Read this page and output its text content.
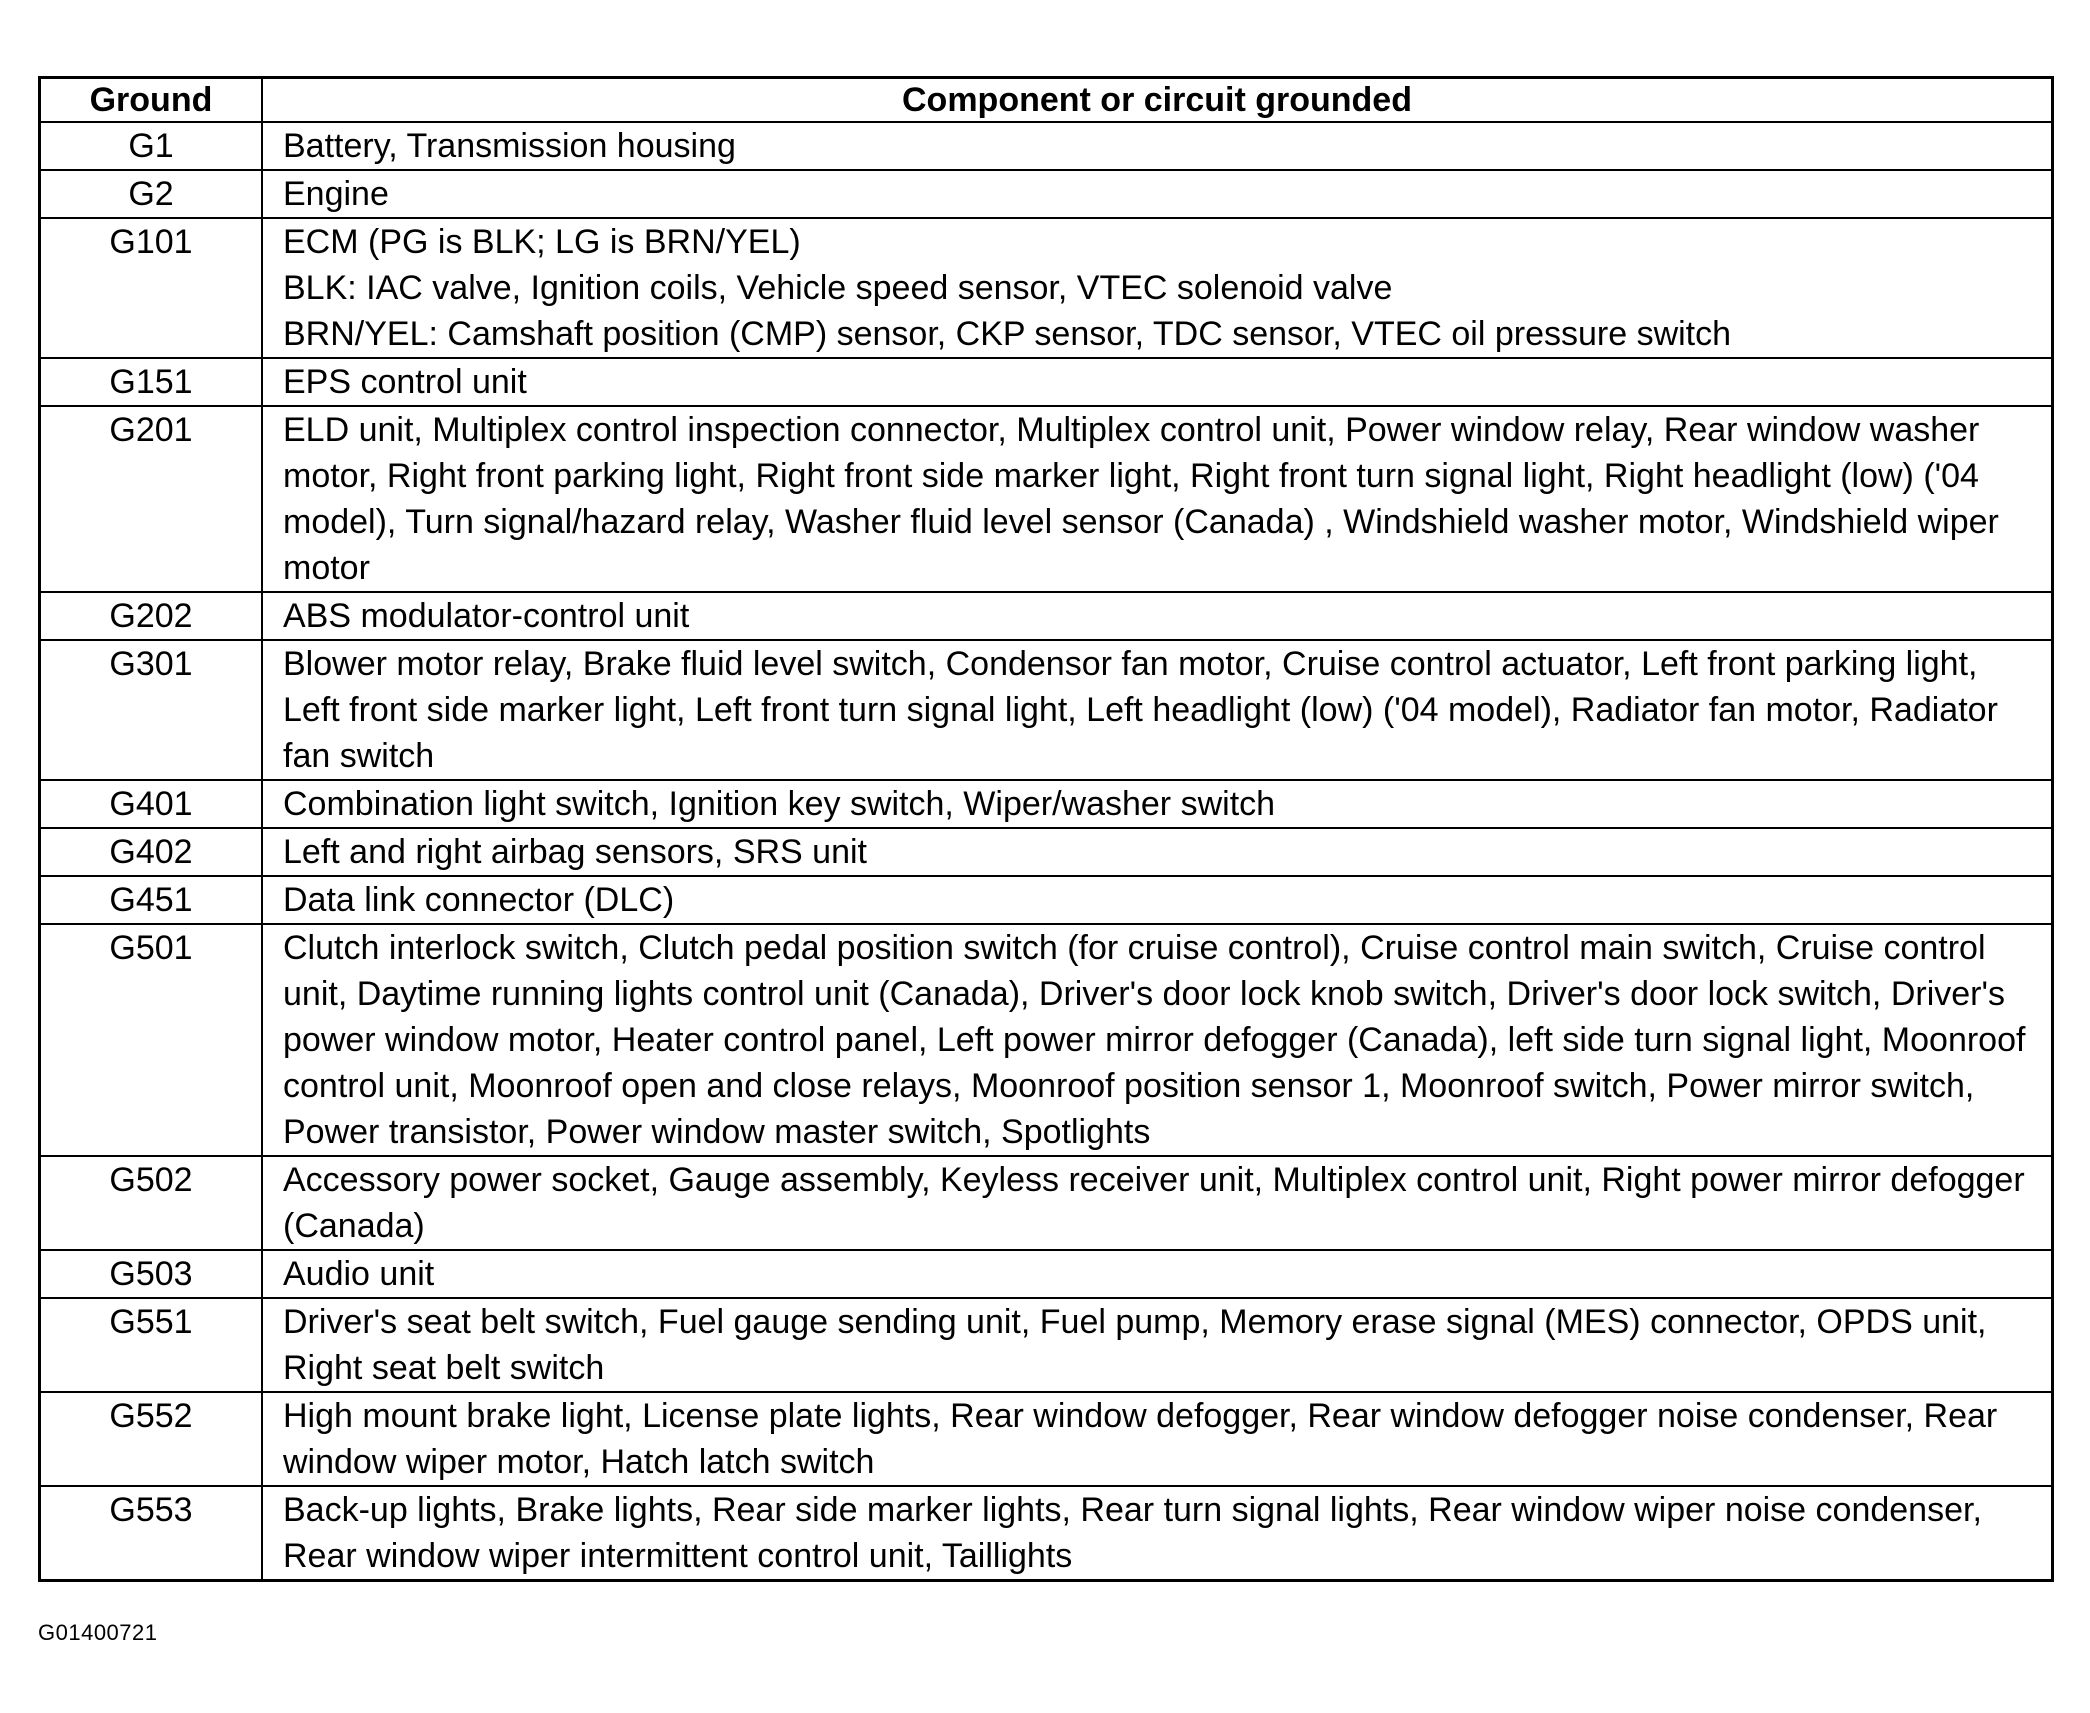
Ground	Component or circuit grounded
G1	Battery, Transmission housing

G2	Engine

G101	ECM (PG is BLK; LG is BRN/YEL)
BLK: IAC valve, Ignition coils, Vehicle speed sensor, VTEC solenoid valve
BRN/YEL: Camshaft position (CMP) sensor, CKP sensor, TDC sensor, VTEC oil pressure switch

G151	EPS control unit

G201	ELD unit, Multiplex control inspection connector, Multiplex control unit, Power window relay, Rear window washer motor, Right front parking light, Right front side marker light, Right front turn signal light, Right headlight (low) ('04 model), Turn signal/hazard relay, Washer fluid level sensor (Canada) , Windshield washer motor, Windshield wiper motor

G202	ABS modulator-control unit

G301	Blower motor relay, Brake fluid level switch, Condensor fan motor, Cruise control actuator, Left front parking light, Left front side marker light, Left front turn signal light, Left headlight (low) ('04 model), Radiator fan motor, Radiator fan switch

G401	Combination light switch, Ignition key switch, Wiper/washer switch

G402	Left and right airbag sensors, SRS unit

G451	Data link connector (DLC)

G501	Clutch interlock switch, Clutch pedal position switch (for cruise control), Cruise control main switch, Cruise control unit, Daytime running lights control unit (Canada), Driver's door lock knob switch, Driver's door lock switch, Driver's power window motor, Heater control panel, Left power mirror defogger (Canada), left side turn signal light, Moonroof control unit, Moonroof open and close relays, Moonroof position sensor 1, Moonroof switch, Power mirror switch, Power transistor, Power window master switch, Spotlights

G502	Accessory power socket, Gauge assembly, Keyless receiver unit, Multiplex control unit, Right power mirror defogger (Canada)

G503	Audio unit

G551	Driver's seat belt switch, Fuel gauge sending unit, Fuel pump, Memory erase signal (MES) connector, OPDS unit, Right seat belt switch

G552	High mount brake light, License plate lights, Rear window defogger, Rear window defogger noise condenser, Rear window wiper motor, Hatch latch switch

G553	Back-up lights, Brake lights, Rear side marker lights, Rear turn signal lights, Rear window wiper noise condenser, Rear window wiper intermittent control unit, Taillights
G01400721
